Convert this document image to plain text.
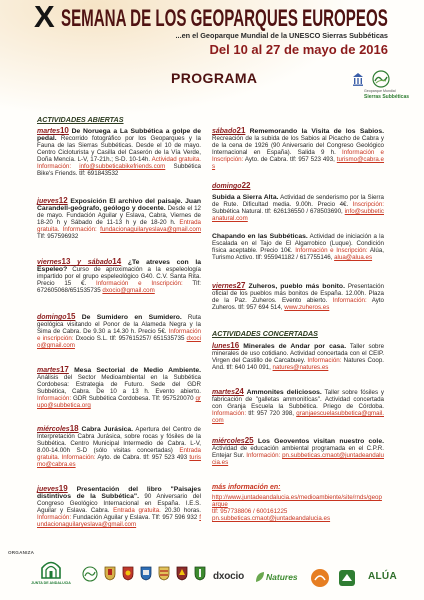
X SEMANA DE LOS GEOPARQUES EUROPEOS
...en el Geoparque Mundial de la UNESCO Sierras Subbéticas
Del 10 al 27 de mayo de 2016
PROGRAMA
Geoparque Mundial
Sierras Subbéticas
ACTIVIDADES ABIERTAS
martes10 De Noruega a La Subbética a golpe de pedal. Recorrido fotográfico por los Geoparques y la Fauna de las Sierras Subbéticas. Desde el 10 de mayo. Centro Cicloturista y Casilla del Caserón de la Vía Verde, Doña Mencía. L-V, 17-21h.; S-D. 10-14h. Actividad gratuita. Información: info@subbeticabikefriends.com Subbética Bike's Friends. tlf: 691843532
jueves12 Exposición El archivo del paisaje. Juan Carandell-geógrafo, geólogo y docente. Desde el 12 de mayo. Fundación Aguilar y Eslava, Cabra, Viernes de 18-20 h y Sábado de 11-13 h y de 18-20 h. Entrada gratuita. Información: fundacionaguilaryeslava@gmail.com Tlf: 957596932
viernes13 y sábado14 ¿Te atreves con la Espeleo? Curso de aproximación a la espeleología impartido por el grupo espeleológico G40. C.V. Santa Rita. Precio 15 €. Información e Inscripción: Tlf: 672605068/651535735 dxocio@gmail.com
domingo15 De Sumidero en Sumidero. Ruta geológica visitando el Ponor de la Alameda Negra y la Sima de Cabra. De 9.30 a 14.30 h. Precio 5€. Información e inscripción: Dxocio S.L. tlf: 957615257/ 651535735 dxocio@gmail.com
martes17 Mesa Sectorial de Medio Ambiente. Análisis del Sector Medioambiental en la Subbética Cordobesa: Estrategia de Futuro. Sede del GDR Subbética, Cabra. De 10 a 13 h. Evento abierto. Información: GDR Subbética Cordobesa. Tlf: 957520070 grupo@subbetica.org
miércoles18 Cabra Jurásica. Apertura del Centro de Interpretación Cabra Jurásica, sobre rocas y fósiles de la Subbética. Centro Municipal Intermedio de Cabra. L-V, 8.00-14.00h S-D (sólo visitas concertadas) Entrada gratuita. Información: Ayto. de Cabra. tlf: 957 523 493 turismo@cabra.es
jueves19 Presentación del libro "Paisajes distintivos de la Subbética". 90 Aniversario del Congreso Geológico Internacional en España. I.E.S. Aguilar y Eslava. Cabra. Entrada gratuita. 20.30 horas. Información: Fundación Aguilar y Eslava. Tlf: 957 596 932 fundacionaguilaryeslava@gmail.com
sábado21 Rememorando la Visita de los Sabios. Recreación de la subida de los Sabios al Picacho de Cabra y de la cena de 1926 (90 Aniversario del Congreso Geológico Internacional en España). Salida 9 h. Información e Inscripción: Ayto. de Cabra. tlf: 957 523 493, turismo@cabra.es
domingo22
Subida a Sierra Alta. Actividad de senderismo por la Sierra de Rute. Dificultad media. 9.00h. Precio 4€. Inscripción: Subbética Natural. tlf: 626136550 / 678503690, info@subbeticanatural.com
Chapando en las Subbéticas. Actividad de iniciación a la Escalada en el Tajo de El Algarrobico (Luque). Condición física aceptable. Precio 10€. Información e Inscripción: Alúa, Turismo Activo. tlf: 955941182 / 617755146, alua@alua.es
viernes27 Zuheros, pueblo más bonito. Presentación oficial de los pueblos más bonitos de España. 12.00h. Plaza de la Paz. Zuheros. Evento abierto. Información: Ayto Zuheros. tlf: 957 694 514, www.zuheros.es
ACTIVIDADES CONCERTADAS
lunes16 Minerales de Andar por casa. Taller sobre minerales de uso cotidiano. Actividad concertada con el CEIP. Virgen del Castillo de Carcabuey. Información: Natures Coop. And. tlf: 640 140 091, natures@natures.es
martes24 Ammonites deliciosos. Taller sobre fósiles y fabricación de "galletas ammonitícas". Actividad concertada con Granja Escuela la Subbética. Priego de Córdoba. Información: tlf: 957 720 398, granjaescuelasubbetica@gmail.com
miércoles25 Los Geoventos visitan nuestro cole. Actividad de educación ambiental programada en el C.P.R. Entejar Sur. Información: pn.subbeticas.cmaot@juntadeandalucia.es
más información en:
http://www.juntadeandalucia.es/medioambiente/site/rnds/geoparque
tlf: 957738806 / 600161225
pn.subbeticas.cmaot@juntadeandalucia.es
ORGANIZA
JUNTA DE ANDALUCIA
dxocio	Natures	ALÚA
